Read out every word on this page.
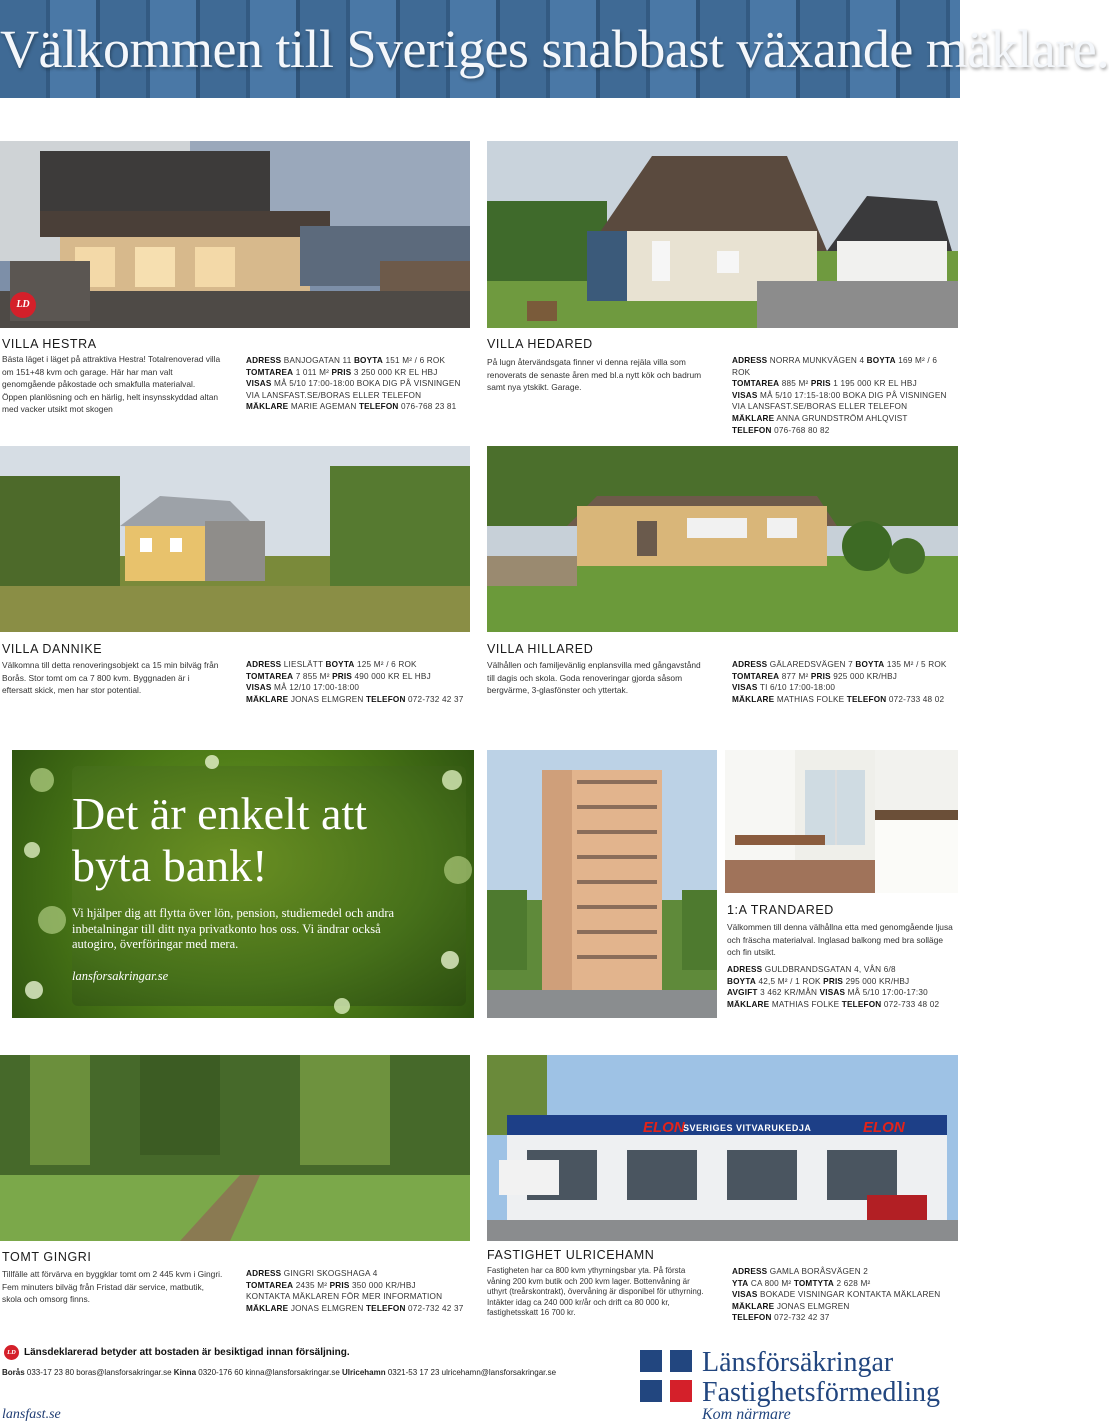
Välkommen till Sveriges snabbast växande mäklare.
LD
VILLA HESTRA
Bästa läget i läget på attraktiva Hestra! Totalrenoverad villa om 151+48 kvm och garage. Här har man valt genomgående påkostade och smakfulla materialval. Öppen planlösning och en härlig, helt insynsskyddad altan med vacker utsikt mot skogen
ADRESS BANJOGATAN 11 BOYTA 151 M² / 6 ROK
TOMTAREA 1 011 M² PRIS 3 250 000 KR EL HBJ
VISAS MÅ 5/10 17:00-18:00 BOKA DIG PÅ VISNINGEN VIA LANSFAST.SE/BORAS ELLER TELEFON
MÄKLARE MARIE AGEMAN TELEFON 076-768 23 81
VILLA HEDARED
På lugn återvändsgata finner vi denna rejäla villa som renoverats de senaste åren med bl.a nytt kök och badrum samt nya ytskikt. Garage.
ADRESS NORRA MUNKVÄGEN 4 BOYTA 169 M² / 6 ROK
TOMTAREA 885 M² PRIS 1 195 000 KR EL HBJ
VISAS MÅ 5/10 17:15-18:00 BOKA DIG PÅ VISNINGEN VIA LANSFAST.SE/BORAS ELLER TELEFON
MÄKLARE ANNA GRUNDSTRÖM AHLQVIST
TELEFON 076-768 80 82
VILLA DANNIKE
Välkomna till detta renoveringsobjekt ca 15 min bilväg från Borås. Stor tomt om ca 7 800 kvm. Byggnaden är i eftersatt skick, men har stor potential.
ADRESS LIESLÄTT BOYTA 125 M² / 6 ROK
TOMTAREA 7 855 M² PRIS 490 000 KR EL HBJ
VISAS MÅ 12/10 17:00-18:00
MÄKLARE JONAS ELMGREN TELEFON 072-732 42 37
VILLA HILLARED
Välhållen och familjevänlig enplansvilla med gångavstånd till dagis och skola. Goda renoveringar gjorda såsom bergvärme, 3-glasfönster och yttertak.
ADRESS GÄLAREDSVÄGEN 7 BOYTA 135 M² / 5 ROK
TOMTAREA 877 M² PRIS 925 000 KR/HBJ
VISAS TI 6/10 17:00-18:00
MÄKLARE MATHIAS FOLKE TELEFON 072-733 48 02
Det är enkelt att
byta bank!
Vi hjälper dig att flytta över lön, pension, studiemedel och andra inbetalningar till ditt nya privatkonto hos oss. Vi ändrar också autogiro, överföringar med mera.
lansforsakringar.se
1:A TRANDARED
Välkommen till denna välhållna etta med genomgående ljusa och fräscha materialval. Inglasad balkong med bra solläge och fin utsikt.
ADRESS GULDBRANDSGATAN 4, VÅN 6/8
BOYTA 42,5 M² / 1 ROK PRIS 295 000 KR/HBJ
AVGIFT 3 462 KR/MÅN VISAS MÅ 5/10 17:00-17:30
MÄKLARE MATHIAS FOLKE TELEFON 072-733 48 02
SVERIGES VITVARUKEDJA
ELON	ELON
TOMT GINGRI
Tillfälle att förvärva en byggklar tomt om 2 445 kvm i Gingri. Fem minuters bilväg från Fristad där service, matbutik, skola och omsorg finns.
ADRESS GINGRI SKOGSHAGA 4
TOMTAREA 2435 M² PRIS 350 000 KR/HBJ
KONTAKTA MÄKLAREN FÖR MER INFORMATION
MÄKLARE JONAS ELMGREN TELEFON 072-732 42 37
FASTIGHET ULRICEHAMN
Fastigheten har ca 800 kvm ythyrningsbar yta. På första våning 200 kvm butik och 200 kvm lager. Bottenvåning är uthyrt (treårskontrakt), övervåning är disponibel för uthyrning. Intäkter idag ca 240 000 kr/år och drift ca 80 000 kr, fastighetsskatt 16 700 kr.
ADRESS GAMLA BORÅSVÄGEN 2
YTA CA 800 M² TOMTYTA 2 628 M²
VISAS BOKADE VISNINGAR KONTAKTA MÄKLAREN
MÄKLARE JONAS ELMGREN
TELEFON 072-732 42 37
LD Länsdeklarerad betyder att bostaden är besiktigad innan försäljning.
Borås 033-17 23 80 boras@lansforsakringar.se Kinna 0320-176 60 kinna@lansforsakringar.se Ulricehamn 0321-53 17 23 ulricehamn@lansforsakringar.se
lansfast.se
Länsförsäkringar
Fastighetsförmedling
Kom närmare
